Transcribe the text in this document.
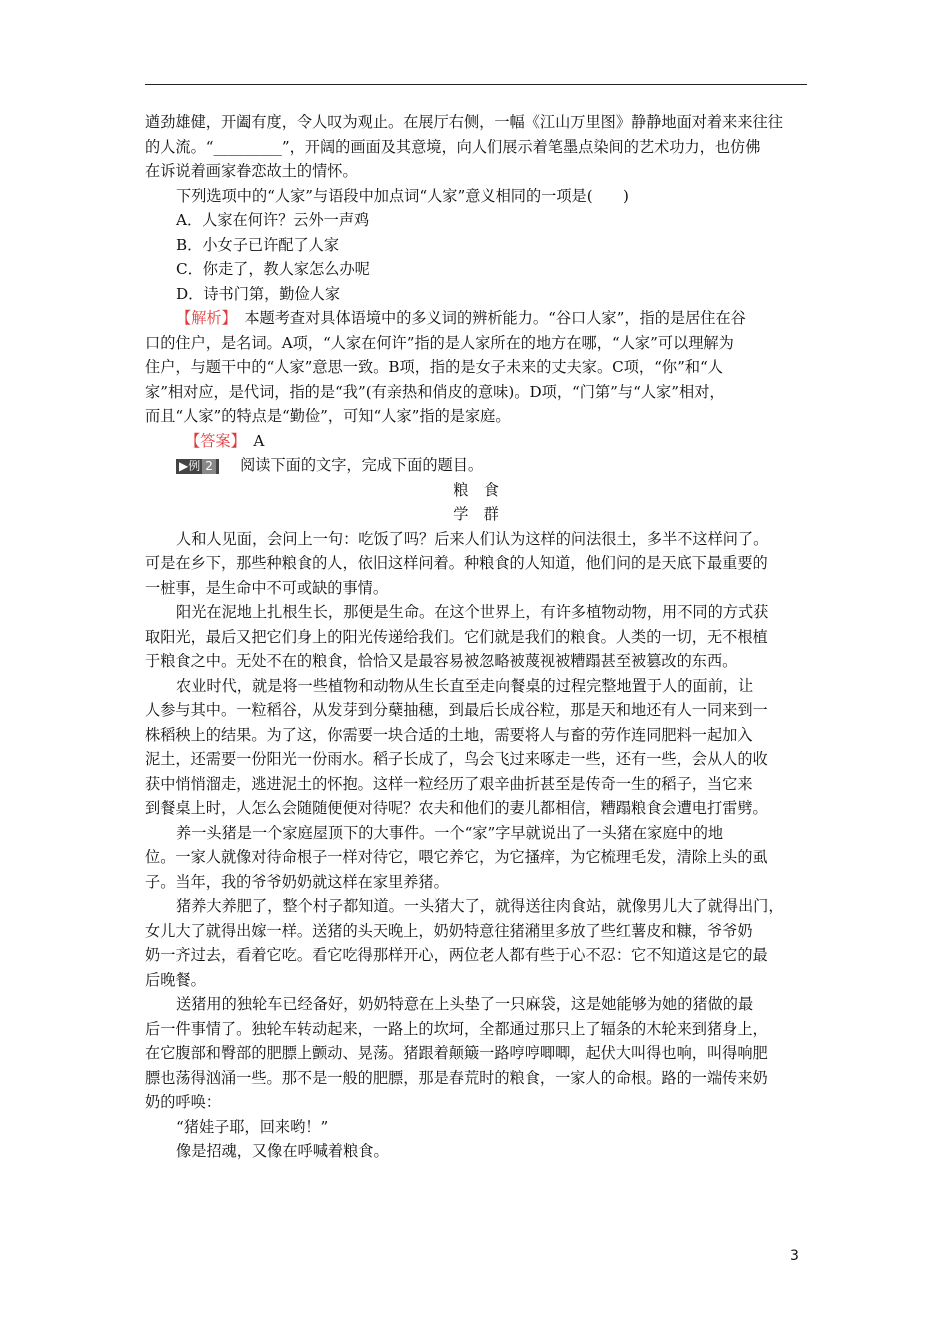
遒劲雄健，开阖有度，令人叹为观止。在展厅右侧，一幅《江山万里图》静静地面对着来来往往
的人流。“_________”，开阔的画面及其意境，向人们展示着笔墨点染间的艺术功力，也仿佛
在诉说着画家眷恋故土的情怀。
下列选项中的“人家”与语段中加点词“人家”意义相同的一项是(　　)
A．人家在何许？云外一声鸡
B．小女子已许配了人家
C．你走了，教人家怎么办呢
D．诗书门第，勤俭人家
【解析】　本题考查对具体语境中的多义词的辨析能力。“谷口人家”，指的是居住在谷
口的住户，是名词。A项，“人家在何许”指的是人家所在的地方在哪，“人家”可以理解为
住户，与题干中的“人家”意思一致。B项，指的是女子未来的丈夫家。C项，“你”和“人
家”相对应，是代词，指的是“我”(有亲热和俏皮的意味)。D项，“门第”与“人家”相对，
而且“人家”的特点是“勤俭”，可知“人家”指的是家庭。
【答案】　A
▶例 2　阅读下面的文字，完成下面的题目。
粮　食
学　群
人和人见面，会问上一句：吃饭了吗？后来人们认为这样的问法很土，多半不这样问了。
可是在乡下，那些种粮食的人，依旧这样问着。种粮食的人知道，他们问的是天底下最重要的
一桩事，是生命中不可或缺的事情。
阳光在泥地上扎根生长，那便是生命。在这个世界上，有许多植物动物，用不同的方式获
取阳光，最后又把它们身上的阳光传递给我们。它们就是我们的粮食。人类的一切，无不根植
于粮食之中。无处不在的粮食，恰恰又是最容易被忽略被蔑视被糟蹋甚至被篡改的东西。
农业时代，就是将一些植物和动物从生长直至走向餐桌的过程完整地置于人的面前，让
人参与其中。一粒稻谷，从发芽到分蘖抽穗，到最后长成谷粒，那是天和地还有人一同来到一
株稻秧上的结果。为了这，你需要一块合适的土地，需要将人与畜的劳作连同肥料一起加入
泥土，还需要一份阳光一份雨水。稻子长成了，鸟会飞过来啄走一些，还有一些，会从人的收
获中悄悄溜走，逃进泥土的怀抱。这样一粒经历了艰辛曲折甚至是传奇一生的稻子，当它来
到餐桌上时，人怎么会随随便便对待呢？农夫和他们的妻儿都相信，糟蹋粮食会遭电打雷劈。
养一头猪是一个家庭屋顶下的大事件。一个“家”字早就说出了一头猪在家庭中的地
位。一家人就像对待命根子一样对待它，喂它养它，为它搔痒，为它梳理毛发，清除上头的虱
子。当年，我的爷爷奶奶就这样在家里养猪。
猪养大养肥了，整个村子都知道。一头猪大了，就得送往肉食站，就像男儿大了就得出门，
女儿大了就得出嫁一样。送猪的头天晚上，奶奶特意往猪潲里多放了些红薯皮和糠，爷爷奶
奶一齐过去，看着它吃。看它吃得那样开心，两位老人都有些于心不忍：它不知道这是它的最
后晚餐。
送猪用的独轮车已经备好，奶奶特意在上头垫了一只麻袋，这是她能够为她的猪做的最
后一件事情了。独轮车转动起来，一路上的坎坷，全都通过那只上了辐条的木轮来到猪身上，
在它腹部和臀部的肥膘上颤动、晃荡。猪跟着颠簸一路哼哼唧唧，起伏大叫得也响，叫得响肥
膘也荡得汹涌一些。那不是一般的肥膘，那是春荒时的粮食，一家人的命根。路的一端传来奶
奶的呼唤：
“猪娃子耶，回来哟！”
像是招魂，又像在呼喊着粮食。
3
